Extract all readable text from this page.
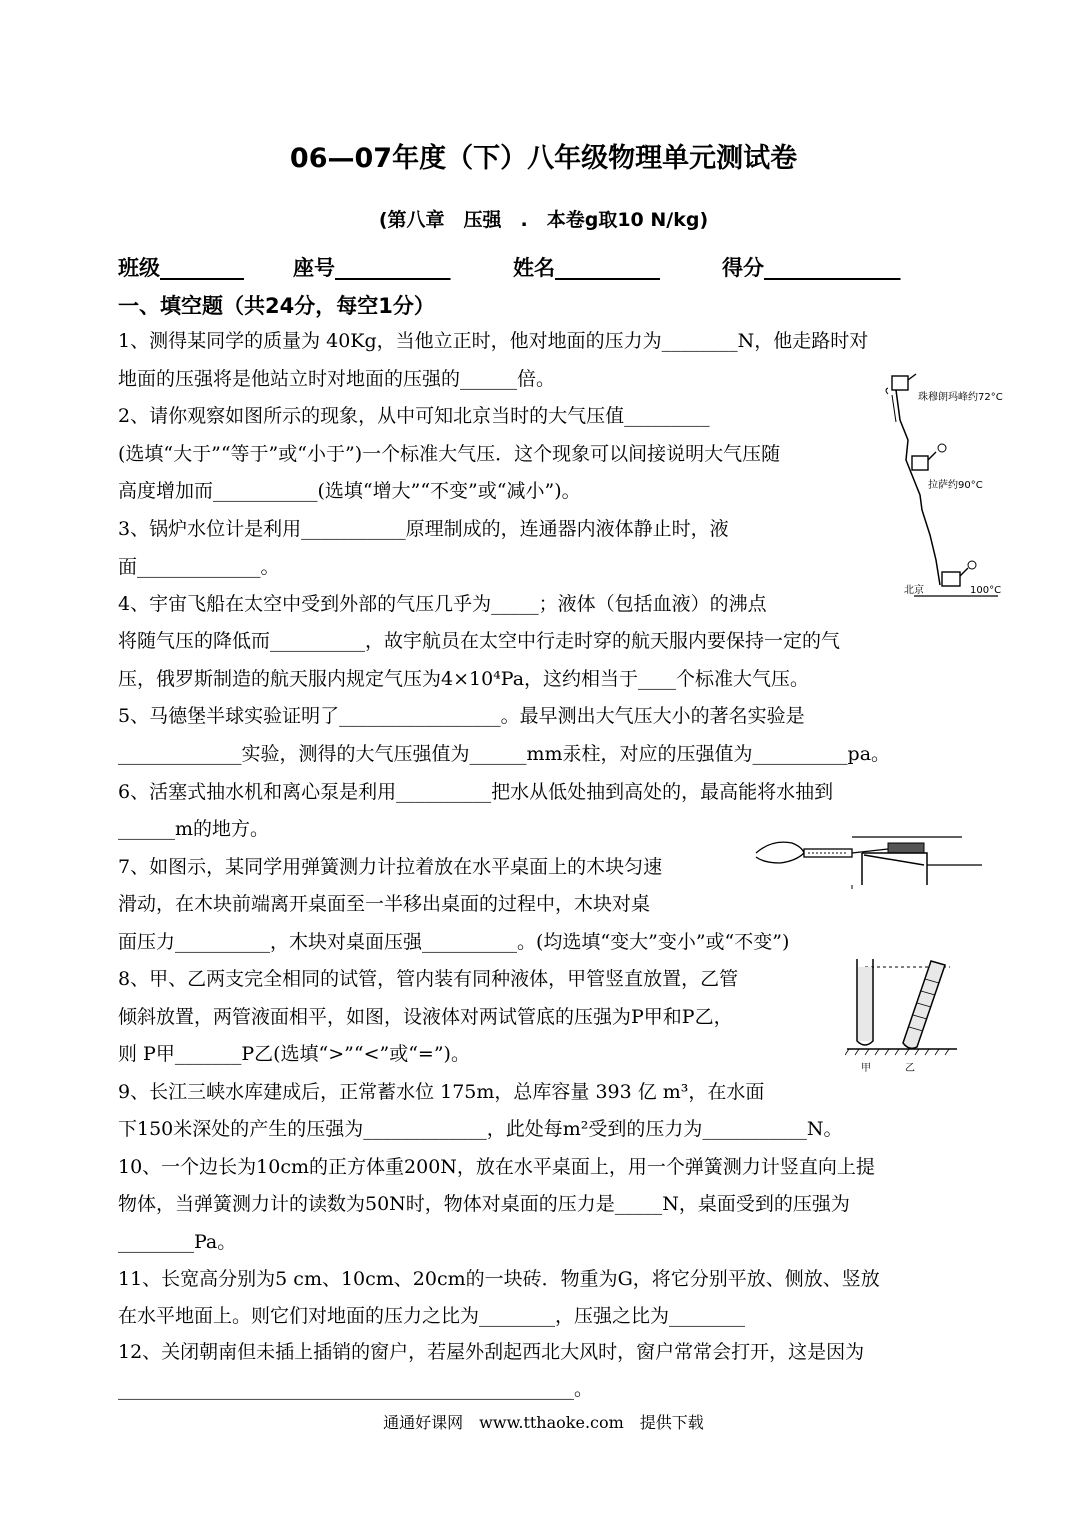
06—07年度（下）八年级物理单元测试卷
(第八章　压强　.　本卷g取10 N/kg)
班级________ 座号___________	姓名__________	得分_____________
一、填空题（共24分，每空1分）
1、测得某同学的质量为 40Kg，当他立正时，他对地面的压力为________N，他走路时对
地面的压强将是他站立时对地面的压强的______倍。
2、请你观察如图所示的现象，从中可知北京当时的大气压值_________
(选填“大于”“等于”或“小于”)一个标准大气压．这个现象可以间接说明大气压随
高度增加而___________(选填“增大”“不变”或“减小”)。
3、锅炉水位计是利用___________原理制成的，连通器内液体静止时，液
面_____________。
4、宇宙飞船在太空中受到外部的气压几乎为_____；液体（包括血液）的沸点
将随气压的降低而__________，故宇航员在太空中行走时穿的航天服内要保持一定的气
压，俄罗斯制造的航天服内规定气压为4×10⁴Pa，这约相当于____个标准大气压。
5、马德堡半球实验证明了_________________。最早测出大气压大小的著名实验是
_____________实验，测得的大气压强值为______mm汞柱，对应的压强值为__________pa。
6、活塞式抽水机和离心泵是利用__________把水从低处抽到高处的，最高能将水抽到
______m的地方。
7、如图示，某同学用弹簧测力计拉着放在水平桌面上的木块匀速
滑动，在木块前端离开桌面至一半移出桌面的过程中，木块对桌
面压力__________，木块对桌面压强__________。(均选填“变大”变小”或“不变”)
8、甲、乙两支完全相同的试管，管内装有同种液体，甲管竖直放置，乙管
倾斜放置，两管液面相平，如图，设液体对两试管底的压强为P甲和P乙，
则 P甲_______P乙(选填“>”“<”或“=”)。
9、长江三峡水库建成后，正常蓄水位 175m，总库容量 393 亿 m³，在水面
下150米深处的产生的压强为_____________，此处每m²受到的压力为___________N。
10、一个边长为10cm的正方体重200N，放在水平桌面上，用一个弹簧测力计竖直向上提
物体，当弹簧测力计的读数为50N时，物体对桌面的压力是_____N，桌面受到的压强为
________Pa。
11、长宽高分别为5 cm、10cm、20cm的一块砖．物重为G，将它分别平放、侧放、竖放
在水平地面上。则它们对地面的压力之比为________，压强之比为________
12、关闭朝南但未插上插销的窗户，若屋外刮起西北大风时，窗户常常会打开，这是因为
________________________________________________。
珠穆朗玛峰约72°C
拉萨约90°C
北京	100°C
甲	乙
通通好课网　www.tthaoke.com　提供下载
